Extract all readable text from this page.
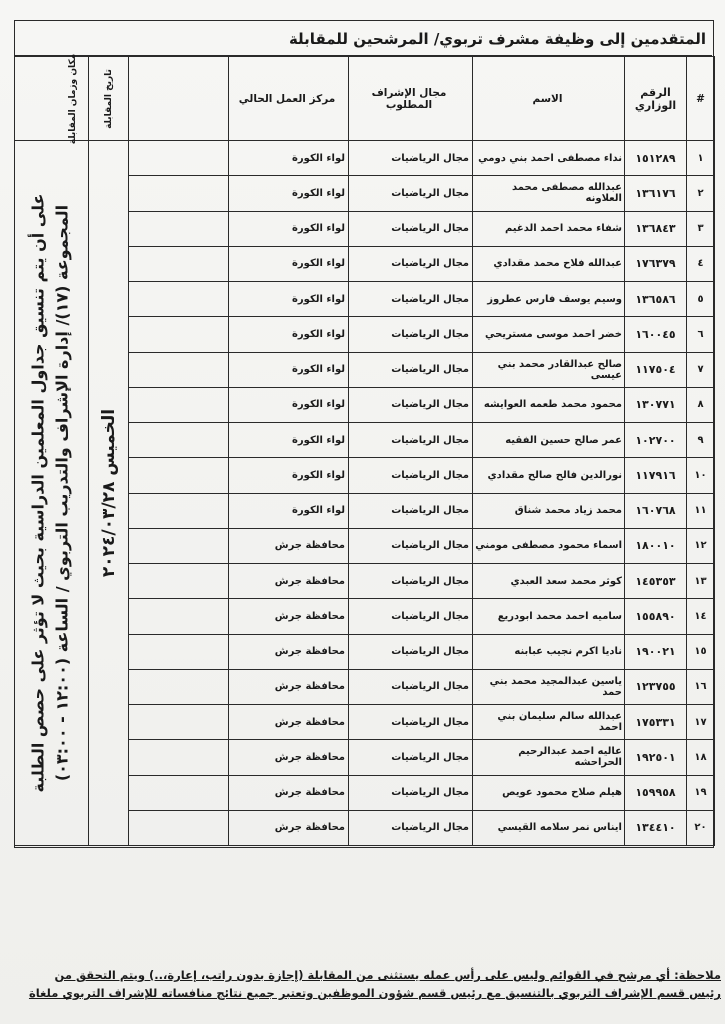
المتقدمين إلى وظيفة مشرف تربوي/ المرشحين للمقابلة
#	الرقم الوزاري	الاسم	مجال الإشراف المطلوب	مركز العمل الحالي		تاريخ المقابلة	مكان وزمان المقابلة

١	١٥١٢٨٩	نداء مصطفى احمد بني دومي	مجال الرياضيات	لواء الكورة		الخميس ٢٠٢٤/٠٣/٢٨	المجموعة (١٧)/ إدارة الإشراف والتدريب التربوي / الساعة (١٢:٠٠ - ٠٣:٠٠)
على أن يتم تنسيق جداول المعلمين الدراسية بحيث لا تؤثر على حصص الطلبة

٢	١٣٦١٧٦	عبدالله مصطفى محمد العلاونه	مجال الرياضيات	لواء الكورة			
٣	١٣٦٨٤٣	شفاء محمد احمد الدغيم	مجال الرياضيات	لواء الكورة			
٤	١٧٦٣٧٩	عبدالله فلاح محمد مقدادي	مجال الرياضيات	لواء الكورة			
٥	١٣٦٥٨٦	وسيم يوسف فارس عطروز	مجال الرياضيات	لواء الكورة			
٦	١٦٠٠٤٥	خضر احمد موسى مستريحي	مجال الرياضيات	لواء الكورة			
٧	١١٧٥٠٤	صالح عبدالقادر محمد بني عيسى	مجال الرياضيات	لواء الكورة			
٨	١٣٠٧٧١	محمود محمد طعمه العوايشه	مجال الرياضيات	لواء الكورة			
٩	١٠٢٧٠٠	عمر صالح حسين الفقيه	مجال الرياضيات	لواء الكورة			
١٠	١١٧٩١٦	نورالدين فالح صالح مقدادي	مجال الرياضيات	لواء الكورة			
١١	١٦٠٧٦٨	محمد زياد محمد شناق	مجال الرياضيات	لواء الكورة			
١٢	١٨٠٠١٠	اسماء محمود مصطفى مومني	مجال الرياضيات	محافظة جرش			
١٣	١٤٥٣٥٣	كوثر محمد سعد العبدي	مجال الرياضيات	محافظة جرش			
١٤	١٥٥٨٩٠	ساميه احمد محمد ابودريع	مجال الرياضيات	محافظة جرش			
١٥	١٩٠٠٢١	ناديا اكرم نجيب عبابنه	مجال الرياضيات	محافظة جرش			
١٦	١٢٣٧٥٥	ياسين عبدالمجيد محمد بني حمد	مجال الرياضيات	محافظة جرش			
١٧	١٧٥٣٣١	عبدالله سالم سليمان بني احمد	مجال الرياضيات	محافظة جرش			
١٨	١٩٢٥٠١	عاليه احمد عبدالرحيم الحراحشه	مجال الرياضيات	محافظة جرش			
١٩	١٥٩٩٥٨	هيلم صلاح محمود عويص	مجال الرياضيات	محافظة جرش			
٢٠	١٣٤٤١٠	ايناس نمر سلامه القيسي	مجال الرياضيات	محافظة جرش			
ملاحظة: أي مرشح في القوائم وليس على رأس عمله يستثنى من المقابلة (إجازة بدون راتب، إعارة،..) ويتم التحقق من
رئيس قسم الإشراف التربوي بالتنسيق مع رئيس قسم شؤون الموظفين وتعتبر جميع نتائج منافساته للإشراف التربوي ملغاة
